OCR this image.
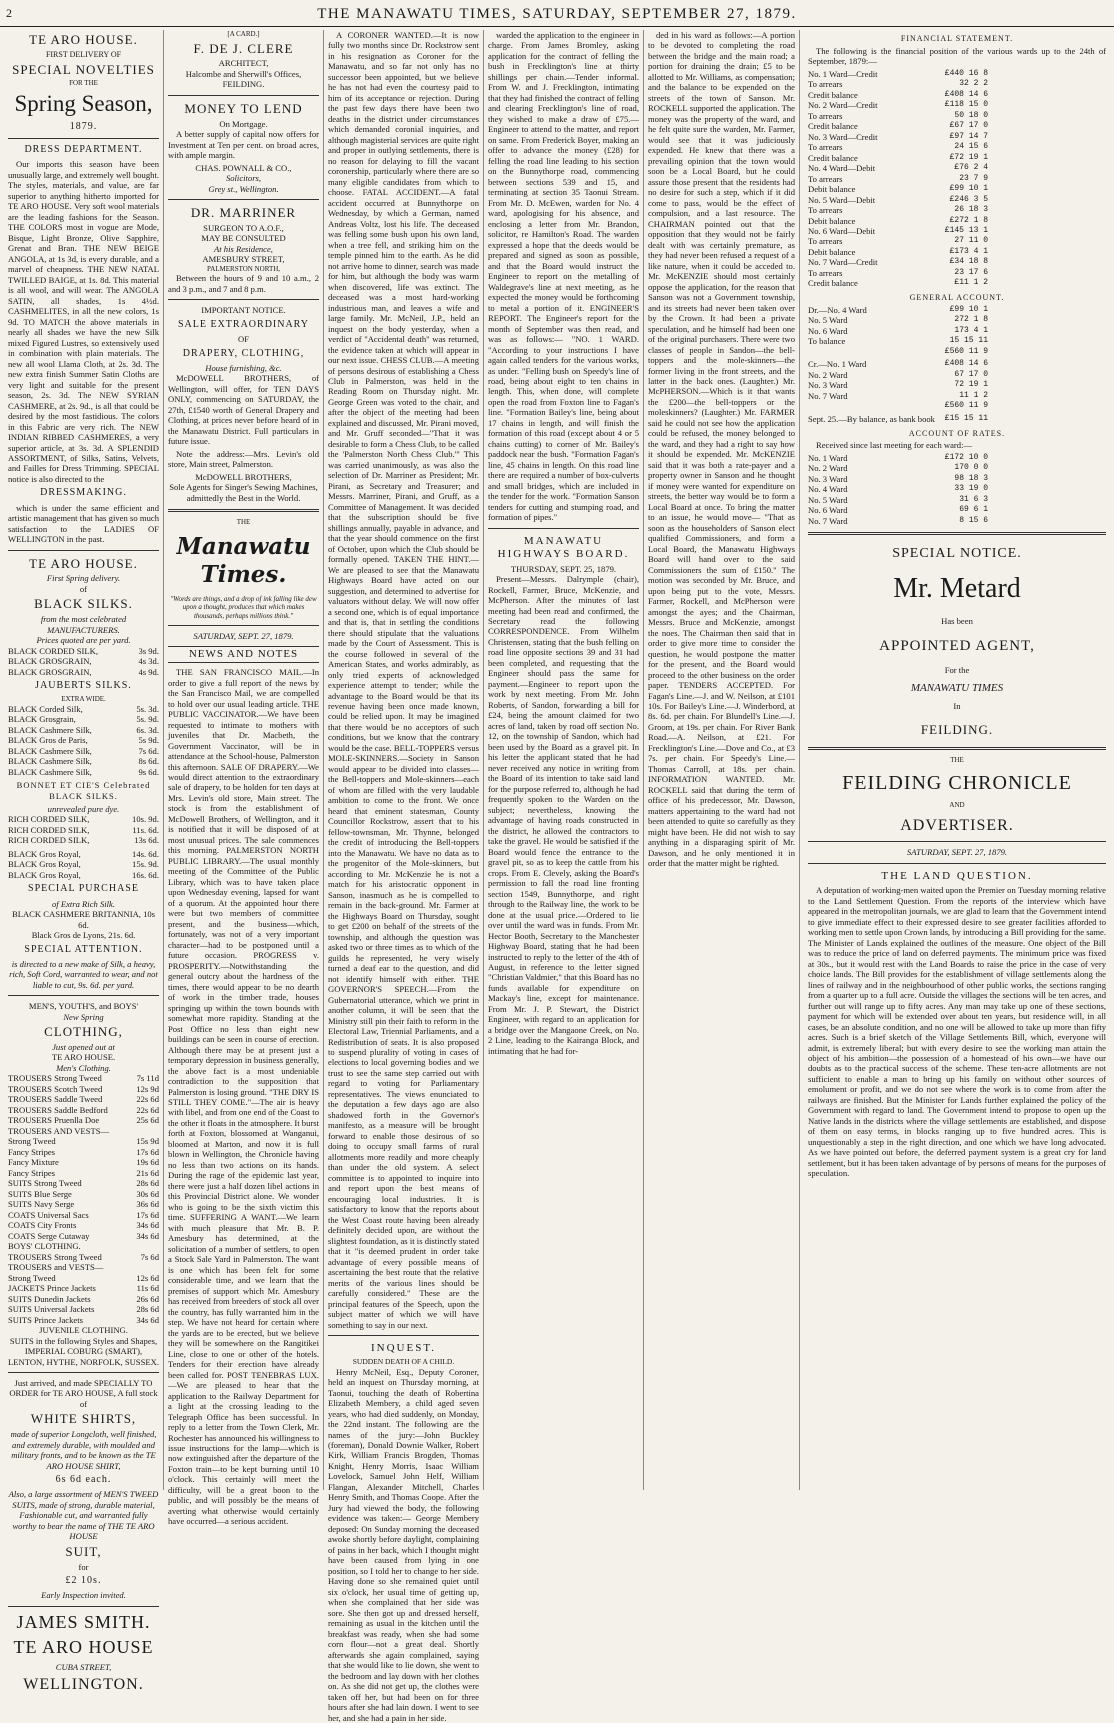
2	THE MANAWATU TIMES, SATURDAY, SEPTEMBER 27, 1879.
TE ARO HOUSE.
FIRST DELIVERY OF
SPECIAL NOVELTIES
FOR THE
Spring Season,
1879.
DRESS DEPARTMENT.

Our imports this season have been unusually large, and extremely well bought. The styles, materials, and value, are far superior to anything hitherto imported for TE ARO HOUSE. Very soft wool materials are the leading fashions for the Season. THE COLORS most in vogue are Mode, Bisque, Light Bronze, Olive Sapphire, Grenat and Bran. THE NEW BEIGE ANGOLA, at 1s 3d, is every durable, and a marvel of cheapness. THE NEW NATAL TWILLED BAIGE, at 1s. 8d. This material is all wool, and will wear. The ANGOLA SATIN, all shades, 1s 4½d. CASHMELITES, in all the new colors, 1s 9d. TO MATCH the above materials in nearly all shades we have the new Silk mixed Figured Lustres, so extensively used in combination with plain materials. The new all wool Llama Cloth, at 2s. 3d. The new extra finish Summer Satin Cloths are very light and suitable for the present season, 2s. 3d. The NEW SYRIAN CASHMERE, at 2s. 9d., is all that could be desired by the most fastidious. The colors in this Fabric are very rich. The NEW INDIAN RIBBED CASHMERES, a very superior article, at 3s. 3d. A SPLENDID ASSORTMENT, of Silks, Satins, Velvets, and Failles for Dress Trimming. SPECIAL notice is also directed to the

DRESSMAKING.

which is under the same efficient and artistic management that has given so much satisfaction to the LADIES OF WELLINGTON in the past.

TE ARO HOUSE.
First Spring delivery.
of
BLACK SILKS.
from the most celebrated MANUFACTURERS.
Prices quoted are per yard.
BLACK CORDED SILK,	3s 9d.
BLACK GROSGRAIN,	4s 3d.
BLACK GROSGRAIN,	4s 9d.
JAUBERTS SILKS.
EXTRA WIDE.
BLACK Corded Silk,	5s. 3d.
BLACK Grosgrain,	5s. 9d.
BLACK Cashmere Silk,	6s. 3d.
BLACK Gros de Paris,	5s 9d.
BLACK Cashmere Silk,	7s 6d.
BLACK Cashmere Silk,	8s 6d.
BLACK Cashmere Silk,	9s 6d.
BONNET ET CIE'S Celebrated BLACK SILKS.
unrevealed pure dye.
RICH CORDED SILK,	10s. 9d.
RICH CORDED SILK,	11s. 6d.
RICH CORDED SILK,	13s 6d.
BLACK Gros Royal,	14s. 6d.
BLACK Gros Royal,	15s. 9d.
BLACK Gros Royal,	16s. 6d.
SPECIAL PURCHASE
of Extra Rich Silk.
BLACK CASHMERE BRITANNIA, 10s 6d.
Black Gros de Lyons, 21s. 6d.
SPECIAL ATTENTION.
is directed to a new make of Silk, a heavy, rich, Soft Cord, warranted to wear, and not liable to cut, 9s. 6d. per yard.
MEN'S, YOUTH'S, and BOYS'
New Spring
CLOTHING,
Just opened out at
TE ARO HOUSE.
Men's Clothing.
TROUSERS Strong Tweed	7s 11d
TROUSERS Scotch Tweed	12s 9d
TROUSERS Saddle Tweed	22s 6d
TROUSERS Saddle Bedford	22s 6d
TROUSERS Pruenlla Doe	25s 6d
TROUSERS AND VESTS—
Strong Tweed	15s 9d
Fancy Stripes	17s 6d
Fancy Mixture	19s 6d
Fancy Stripes	21s 6d
SUITS Strong Tweed	28s 6d
SUITS Blue Serge	30s 6d
SUITS Navy Serge	36s 6d
COATS Universal Sacs	17s 6d
COATS City Fronts	34s 6d
COATS Serge Cutaway	34s 6d
BOYS' CLOTHING.
TROUSERS Strong Tweed	7s 6d
TROUSERS and VESTS—
Strong Tweed	12s 6d
JACKETS Prince Jackets	11s 6d
SUITS Dunedin Jackets	26s 6d
SUITS Universal Jackets	28s 6d
SUITS Prince Jackets	34s 6d
JUVENILE CLOTHING.
SUITS in the following Styles and Shapes, IMPERIAL COBURG (SMART), LENTON, HYTHE, NORFOLK, SUSSEX.
Just arrived, and made SPECIALLY TO ORDER for TE ARO HOUSE, A full stock of
WHITE SHIRTS,
made of superior Longcloth, well finished, and extremely durable, with moulded and military fronts, and to be known as the TE ARO HOUSE SHIRT,
6s 6d each.
Also, a large assortment of MEN'S TWEED SUITS, made of strong, durable material, Fashionable cut, and warranted fully worthy to bear the name of THE TE ARO HOUSE
SUIT,
for
£2 10s.
Early Inspection invited.
JAMES SMITH.
TE ARO HOUSE
CUBA STREET,
WELLINGTON.
[A CARD.]
F. DE J. CLERE
ARCHITECT,
Halcombe and Sherwill's Offices, FEILDING.
MONEY TO LEND
On Mortgage.

A better supply of capital now offers for Investment at Ten per cent. on broad acres, with ample margin.

CHAS. POWNALL & CO.,
Solicitors,
Grey st., Wellington.
DR. MARRINER
SURGEON TO A.O.F.,
MAY BE CONSULTED
At his Residence,
AMESBURY STREET,
PALMERSTON NORTH,

Between the hours of 9 and 10 a.m., 2 and 3 p.m., and 7 and 8 p.m.

IMPORTANT NOTICE.
SALE EXTRAORDINARY
OF
DRAPERY, CLOTHING,
House furnishing, &c.

McDOWELL BROTHERS, of Wellington, will offer, for TEN DAYS ONLY, commencing on SATURDAY, the 27th, £1540 worth of General Drapery and Clothing, at prices never before heard of in the Manawatu District. Full particulars in future issue.

Note the address:—Mrs. Levin's old store, Main street, Palmerston.

McDOWELL BROTHERS,
Sole Agents for Singer's Sewing Machines, admittedly the Best in the World.
THE
Manawatu Times.
"Words are things, and a drop of ink falling like dew upon a thought, produces that which makes thousands, perhaps millions think."
SATURDAY, SEPT. 27, 1879.
NEWS AND NOTES

THE SAN FRANCISCO MAIL.—In order to give a full report of the news by the San Francisco Mail, we are compelled to hold over our usual leading article. THE PUBLIC VACCINATOR.—We have been requested to intimate to mothers with juveniles that Dr. Macbeth, the Government Vaccinator, will be in attendance at the School-house, Palmerston this afternoon. SALE OF DRAPERY.—We would direct attention to the extraordinary sale of drapery, to be holden for ten days at Mrs. Levin's old store, Main street. The stock is from the establishment of McDowell Brothers, of Wellington, and it is notified that it will be disposed of at most unusual prices. The sale commences this morning. PALMERSTON NORTH PUBLIC LIBRARY.—The usual monthly meeting of the Committee of the Public Library, which was to have taken place upon Wednesday evening, lapsed for want of a quorum. At the appointed hour there were but two members of committee present, and the business—which, fortunately, was not of a very important character—had to be postponed until a future occasion. PROGRESS v. PROSPERITY.—Notwithstanding the general outcry about the hardness of the times, there would appear to be no dearth of work in the timber trade, houses springing up within the town bounds with somewhat more rapidity. Standing at the Post Office no less than eight new buildings can be seen in course of erection. Although there may be at present just a temporary depression in business generally, the above fact is a most undeniable contradiction to the supposition that Palmerston is losing ground. "THE DRY IS STILL THEY COME."—The air is heavy with libel, and from one end of the Coast to the other it floats in the atmosphere. It burst forth at Foxton, blossomed at Wanganui, bloomed at Marton, and now it is full blown in Wellington, the Chronicle having no less than two actions on its hands. During the rage of the epidemic last year, there were just a half dozen libel actions in this Provincial District alone. We wonder who is going to be the sixth victim this time. SUFFERING A WANT.—We learn with much pleasure that Mr. B. P. Amesbury has determined, at the solicitation of a number of settlers, to open a Stock Sale Yard in Palmerston. The want is one which has been felt for some considerable time, and we learn that the premises of support which Mr. Amesbury has received from breeders of stock all over the country, has fully warranted him in the step. We have not heard for certain where the yards are to be erected, but we believe they will be somewhere on the Rangitikei Line, close to one or other of the hotels. Tenders for their erection have already been called for. POST TENEBRAS LUX.—We are pleased to hear that the application to the Railway Department for a light at the crossing leading to the Telegraph Office has been successful. In reply to a letter from the Town Clerk, Mr. Rochester has announced his willingness to issue instructions for the lamp—which is now extinguished after the departure of the Foxton train—to be kept burning until 10 o'clock. This certainly will meet the difficulty, will be a great boon to the public, and will possibly be the means of averting what otherwise would certainly have occurred—a serious accident.

A CORONER WANTED.—It is now fully two months since Dr. Rockstrow sent in his resignation as Coroner for the Manawatu, and so far not only has no successor been appointed, but we believe he has not had even the courtesy paid to him of its acceptance or rejection. During the past few days there have been two deaths in the district under circumstances which demanded coronial inquiries, and although magisterial services are quite right and proper in outlying settlements, there is no reason for delaying to fill the vacant coronership, particularly where there are so many eligible candidates from which to choose. FATAL ACCIDENT.—A fatal accident occurred at Bunnythorpe on Wednesday, by which a German, named Andreas Voltz, lost his life. The deceased was felling some bush upon his own land, when a tree fell, and striking him on the temple pinned him to the earth. As he did not arrive home to dinner, search was made for him, but although the body was warm when discovered, life was extinct. The deceased was a most hard-working industrious man, and leaves a wife and large family. Mr. McNeil, J.P., held an inquest on the body yesterday, when a verdict of "Accidental death" was returned, the evidence taken at which will appear in our next issue. CHESS CLUB.—A meeting of persons desirous of establishing a Chess Club in Palmerston, was held in the Reading Room on Thursday night. Mr. George Green was voted to the chair, and after the object of the meeting had been explained and discussed, Mr. Pirani moved, and Mr. Gruff seconded—"That it was desirable to form a Chess Club, to be called the 'Palmerston North Chess Club.'" This was carried unanimously, as was also the selection of Dr. Marriner as President; Mr. Pirani, as Secretary and Treasurer; and Messrs. Marriner, Pirani, and Gruff, as a Committee of Management. It was decided that the subscription should be five shillings annually, payable in advance, and that the year should commence on the first of October, upon which the Club should be formally opened. TAKEN THE HINT.—We are pleased to see that the Manawatu Highways Board have acted on our suggestion, and determined to advertise for valuators without delay. We will now offer a second one, which is of equal importance and that is, that in settling the conditions there should stipulate that the valuations made by the Court of Assessment. This is the course followed in several of the American States, and works admirably, as only tried experts of acknowledged experience attempt to tender; while the advantage to the Board would be that its revenue having been once made known, could be relied upon. It may be imagined that there would be no acceptors of such conditions, but we know that the contrary would be the case. BELL-TOPPERS versus MOLE-SKINNERS.—Society in Sanson would appear to be divided into classes—the Bell-toppers and Mole-skinners—each of whom are filled with the very laudable ambition to come to the front. We once heard that eminent statesman, County Councillor Rockstrow, assert that to his fellow-townsman, Mr. Thynne, belonged the credit of introducing the Bell-toppers into the Manawatu. We have no data as to the progenitor of the Mole-skinners, but according to Mr. McKenzie he is not a match for his aristocratic opponent in Sanson, inasmuch as he is compelled to remain in the back-ground. Mr. Farmer at the Highways Board on Thursday, sought to get £200 on behalf of the streets of the township, and although the question was asked two or three times as to which of the guilds he represented, he very wisely turned a deaf ear to the question, and did not identify himself with either. THE GOVERNOR'S SPEECH.—From the Gubernatorial utterance, which we print in another column, it will be seen that the Ministry still pin their faith to reform in the Electoral Law, Triennial Parliaments, and a Redistribution of seats. It is also proposed to suspend plurality of voting in cases of elections to local governing bodies and we trust to see the same step carried out with regard to voting for Parliamentary representatives. The views enunciated to the deputation a few days ago are also shadowed forth in the Governor's manifesto, as a measure will be brought forward to enable those desirous of so doing to occupy small farms of rural allotments more readily and more cheaply than under the old system. A select committee is to appointed to inquire into and report upon the best means of encouraging local industries. It is satisfactory to know that the reports about the West Coast route having been already definitely decided upon, are without the slightest foundation, as it is distinctly stated that it "is deemed prudent in order take advantage of every possible means of ascertaining the best route that the relative merits of the various lines should be carefully considered." These are the principal features of the Speech, upon the subject matter of which we will have something to say in our next.

INQUEST.
SUDDEN DEATH OF A CHILD.

Henry McNeil, Esq., Deputy Coroner, held an inquest on Thursday morning, at Taonui, touching the death of Robertina Elizabeth Membery, a child aged seven years, who had died suddenly, on Monday, the 22nd instant. The following are the names of the jury:—John Buckley (foreman), Donald Downie Walker, Robert Kirk, William Francis Brogden, Thomas Knight, Henry Morris, Isaac William Lovelock, Samuel John Helf, William Flangan, Alexander Mitchell, Charles Henry Smith, and Thomas Coope. After the Jury had viewed the body, the following evidence was taken:— George Membery deposed: On Sunday morning the deceased awoke shortly before daylight, complaining of pains in her back, which I thought might have been caused from lying in one position, so I told her to change to her side. Having done so she remained quiet until six o'clock, her usual time of getting up, when she complained that her side was sore. She then got up and dressed herself, remaining as usual in the kitchen until the breakfast was ready, when she had some corn flour—not a great deal. Shortly afterwards she again complained, saying that she would like to lie down, she went to the bedroom and lay down with her clothes on. As she did not get up, the clothes were taken off her, but had been on for three hours after she had lain down. I went to see her, and she had a pain in her side.

warded the application to the engineer in charge. From James Bromley, asking application for the contract of felling the bush in Frecklington's line at thirty shillings per chain.—Tender informal. From W. and J. Frecklington, intimating that they had finished the contract of felling and clearing Frecklington's line of road, they wished to make a draw of £75.—Engineer to attend to the matter, and report on same. From Frederick Boyer, making an offer to advance the money (£28) for felling the road line leading to his section on the Bunnythorpe road, commencing between sections 539 and 15, and terminating at section 35 Taonui Stream. From Mr. D. McEwen, warden for No. 4 ward, apologising for his absence, and enclosing a letter from Mr. Brandon, solicitor, re Hamilton's Road. The warden expressed a hope that the deeds would be prepared and signed as soon as possible, and that the Board would instruct the Engineer to report on the metalling of Waldegrave's line at next meeting, as he expected the money would be forthcoming to metal a portion of it. ENGINEER'S REPORT. The Engineer's report for the month of September was then read, and was as follows:— "NO. 1 WARD. "According to your instructions I have again called tenders for the various works, as under. "Felling bush on Speedy's line of road, being about eight to ten chains in length. This, when done, will complete open the road from Foxton line to Fagan's line. "Formation Bailey's line, being about 17 chains in length, and will finish the formation of this road (except about 4 or 5 chains cutting) to corner of Mr. Bailey's paddock near the bush. "Formation Fagan's line, 45 chains in length. On this road line there are required a number of box-culverts and small bridges, which are included in the tender for the work. "Formation Sanson tenders for cutting and stumping road, and formation of pipes."

MANAWATU HIGHWAYS BOARD.
THURSDAY, SEPT. 25, 1879.

Present—Messrs. Dalrymple (chair), Rockell, Farmer, Bruce, McKenzie, and McPherson. After the minutes of last meeting had been read and confirmed, the Secretary read the following CORRESPONDENCE. From Wilhelm Christensen, stating that the bush felling on road line opposite sections 39 and 31 had been completed, and requesting that the Engineer should pass the same for payment.—Engineer to report upon the work by next meeting. From Mr. John Roberts, of Sandon, forwarding a bill for £24, being the amount claimed for two acres of land, taken by road off section No. 12, on the township of Sandon, which had been used by the Board as a gravel pit. In his letter the applicant stated that he had never received any notice in writing from the Board of its intention to take said land for the purpose referred to, although he had frequently spoken to the Warden on the subject; nevertheless, knowing the advantage of having roads constructed in the district, he allowed the contractors to take the gravel. He would be satisfied if the Board would fence the entrance to the gravel pit, so as to keep the cattle from his crops. From E. Clevely, asking the Board's permission to fall the road line fronting section 1549, Bunnythorpe, and right through to the Railway line, the work to be done at the usual price.—Ordered to lie over until the ward was in funds. From Mr. Hector Booth, Secretary to the Manchester Highway Board, stating that he had been instructed to reply to the letter of the 4th of August, in reference to the letter signed "Christian Valdmier," that this Board has no funds available for expenditure on Mackay's line, except for maintenance. From Mr. J. P. Stewart, the District Engineer, with regard to an application for a bridge over the Mangaone Creek, on No. 2 Line, leading to the Kairanga Block, and intimating that he had for-

ded in his ward as follows:—A portion to be devoted to completing the road between the bridge and the main road; a portion for draining the drain; £5 to be allotted to Mr. Williams, as compensation; and the balance to be expended on the streets of the town of Sanson. Mr. ROCKELL supported the application. The money was the property of the ward, and he felt quite sure the warden, Mr. Farmer, would see that it was judiciously expended. He knew that there was a prevailing opinion that the town would soon be a Local Board, but he could assure those present that the residents had no desire for such a step, which if it did come to pass, would be the effect of compulsion, and a last resource. The CHAIRMAN pointed out that the opposition that they would not be fairly dealt with was certainly premature, as they had never been refused a request of a like nature, when it could be acceded to. Mr. McKENZIE should most certainly oppose the application, for the reason that Sanson was not a Government township, and its streets had never been taken over by the Crown. It had been a private speculation, and he himself had been one of the original purchasers. There were two classes of people in Sandon—the bell-toppers and the mole-skinners—the former living in the front streets, and the latter in the back ones. (Laughter.) Mr. McPHERSON.—Which is it that wants the £200—the bell-toppers or the moleskinners? (Laughter.) Mr. FARMER said he could not see how the application could be refused, the money belonged to the ward, and they had a right to say how it should be expended. Mr. McKENZIE said that it was both a rate-payer and a property owner in Sanson and he thought if money were wanted for expenditure on streets, the better way would be to form a Local Board at once. To bring the matter to an issue, he would move— "That as soon as the householders of Sanson elect qualified Commissioners, and form a Local Board, the Manawatu Highways Board will hand over to the said Commissioners the sum of £150." The motion was seconded by Mr. Bruce, and upon being put to the vote, Messrs. Farmer, Rockell, and McPherson were amongst the ayes; and the Chairman, Messrs. Bruce and McKenzie, amongst the noes. The Chairman then said that in order to give more time to consider the question, he would postpone the matter for the present, and the Board would proceed to the other business on the order paper. TENDERS ACCEPTED. For Fagan's Line.—J. and W. Neilson, at £101 10s. For Bailey's Line.—J. Winderbord, at 8s. 6d. per chain. For Blundell's Line.—J. Groom, at 19s. per chain. For River Bank Road.—A. Neilson, at £21. For Frecklington's Line.—Dove and Co., at £3 7s. per chain. For Speedy's Line.—Thomas Carroll, at 18s. per chain. INFORMATION WANTED. Mr. ROCKELL said that during the term of office of his predecessor, Mr. Dawson, matters appertaining to the ward had not been attended to quite so carefully as they might have been. He did not wish to say anything in a disparaging spirit of Mr. Dawson, and he only mentioned it in order that the matter might be righted.

FINANCIAL STATEMENT.

The following is the financial position of the various wards up to the 24th of September, 1879:—

No. 1 Ward—Credit	£440 16 8
To arrears	32 2 2
Credit balance	£408 14 6
No. 2 Ward—Credit	£118 15 0
To arrears	50 18 0
Credit balance	£67 17 0
No. 3 Ward—Credit	£97 14 7
To arrears	24 15 6
Credit balance	£72 19 1
No. 4 Ward—Debit	£76 2 4
To arrears	23 7 9
Debit balance	£99 10 1
No. 5 Ward—Debit	£246 3 5
To arrears	26 18 3
Debit balance	£272 1 8
No. 6 Ward—Debit	£145 13 1
To arrears	27 11 0
Debit balance	£173 4 1
No. 7 Ward—Credit	£34 18 8
To arrears	23 17 6
Credit balance	£11 1 2
GENERAL ACCOUNT.
Dr.—No. 4 Ward	£99 10 1
No. 5 Ward	272 1 8
No. 6 Ward	173 4 1
To balance	15 15 11
£560 11 9
Cr.—No. 1 Ward	£408 14 6
No. 2 Ward	67 17 0
No. 3 Ward	72 19 1
No. 7 Ward	11 1 2
£560 11 9
Sept. 25.—By balance, as bank book £15 15 11
ACCOUNT OF RATES.

Received since last meeting for each ward:—

No. 1 Ward	£172 10 0
No. 2 Ward	170 0 0
No. 3 Ward	98 18 3
No. 4 Ward	33 19 0
No. 5 Ward	31 6 3
No. 6 Ward	69 6 1
No. 7 Ward	8 15 6
SPECIAL NOTICE.
Mr. Metard
Has been
APPOINTED AGENT,
For the
MANAWATU TIMES
In
FEILDING.
THE
FEILDING CHRONICLE
AND
ADVERTISER.
SATURDAY, SEPT. 27, 1879.
THE LAND QUESTION.

A deputation of working-men waited upon the Premier on Tuesday morning relative to the Land Settlement Question. From the reports of the interview which have appeared in the metropolitan journals, we are glad to learn that the Government intend to give immediate effect to their expressed desire to see greater facilities afforded to working men to settle upon Crown lands, by introducing a Bill providing for the same. The Minister of Lands explained the outlines of the measure. One object of the Bill was to reduce the price of land on deferred payments. The minimum price was fixed at 30s., but it would rest with the Land Boards to raise the price in the case of very choice lands. The Bill provides for the establishment of village settlements along the lines of railway and in the neighbourhood of other public works, the sections ranging from a quarter up to a full acre. Outside the villages the sections will be ten acres, and further out will range up to fifty acres. Any man may take up one of these sections, payment for which will be extended over about ten years, but residence will, in all cases, be an absolute condition, and no one will be allowed to take up more than fifty acres. Such is a brief sketch of the Village Settlements Bill, which, everyone will admit, is extremely liberal; but with every desire to see the working man attain the object of his ambition—the possession of a homestead of his own—we have our doubts as to the practical success of the scheme. These ten-acre allotments are not sufficient to enable a man to bring up his family on without other sources of emolument or profit, and we do not see where the work is to come from after the railways are finished. But the Minister for Lands further explained the policy of the Government with regard to land. The Government intend to propose to open up the Native lands in the districts where the village settlements are established, and dispose of them on easy terms, in blocks ranging up to five hundred acres. This is unquestionably a step in the right direction, and one which we have long advocated. As we have pointed out before, the deferred payment system is a great cry for land settlement, but it has been taken advantage of by persons of means for the purposes of speculation.
